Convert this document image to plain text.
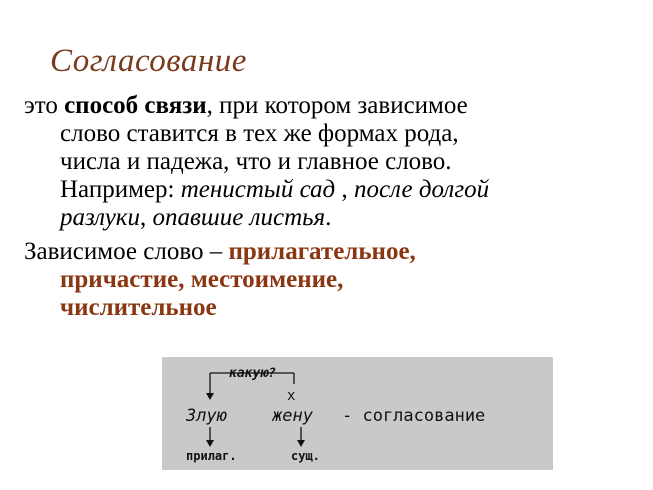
Согласование
это способ связи, при котором зависимое
слово ставится в тех же формах рода,
числа и падежа, что и главное слово.
Например: тенистый сад , после долгой
разлуки, опавшие листья.
Зависимое слово – прилагательное,
причастие, местоимение,
числительное
какую?
x
Злую	жену - согласование
прилаг.	сущ.
